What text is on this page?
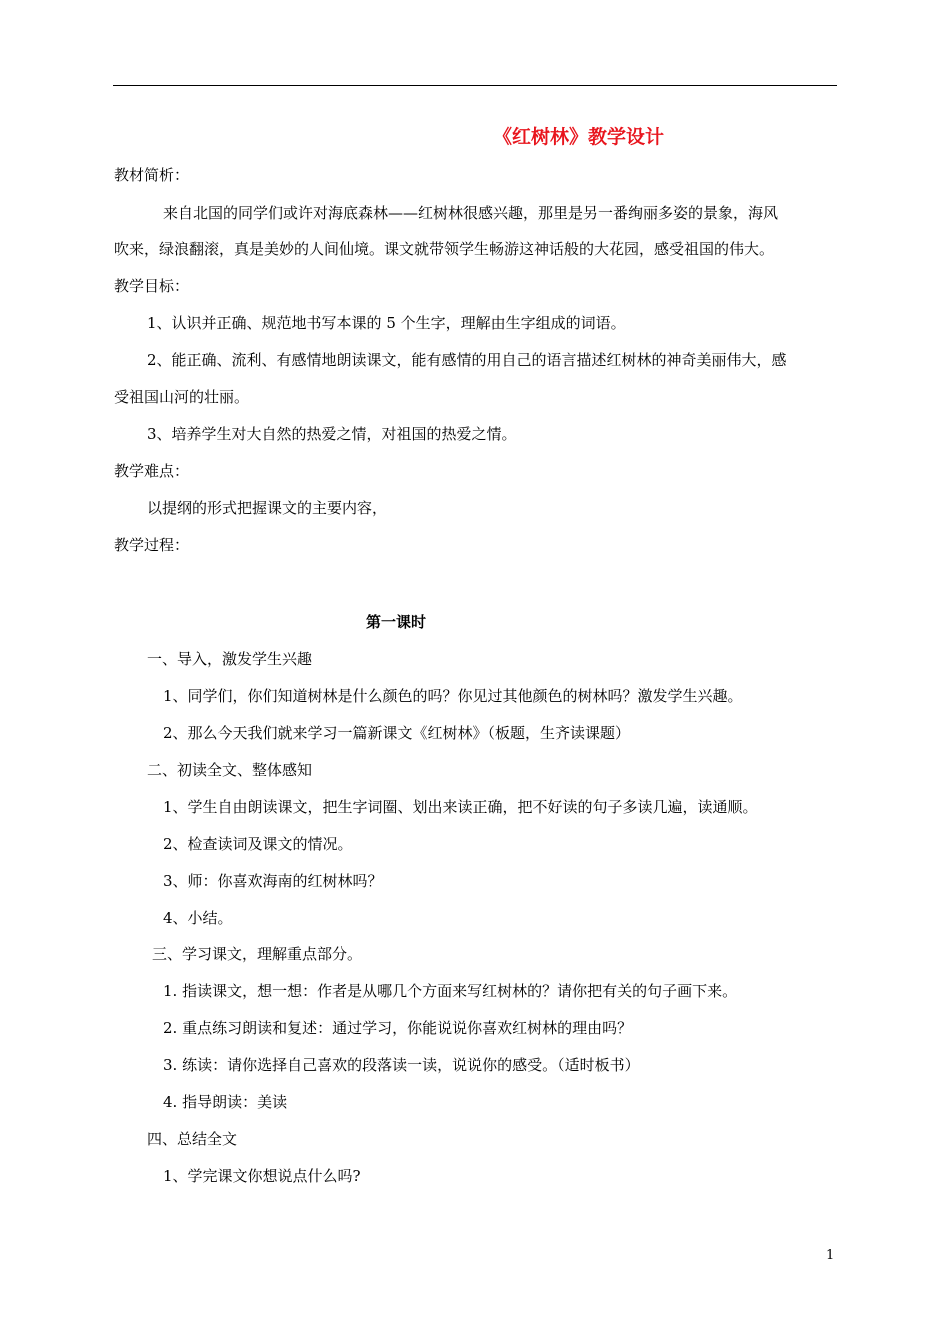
《红树林》教学设计
教材简析：
来自北国的同学们或许对海底森林——红树林很感兴趣，那里是另一番绚丽多姿的景象，海风
吹来，绿浪翻滚，真是美妙的人间仙境。课文就带领学生畅游这神话般的大花园，感受祖国的伟大。
教学目标：
1、认识并正确、规范地书写本课的 5 个生字，理解由生字组成的词语。
2、能正确、流利、有感情地朗读课文，能有感情的用自己的语言描述红树林的神奇美丽伟大，感
受祖国山河的壮丽。
3、培养学生对大自然的热爱之情，对祖国的热爱之情。
教学难点：
以提纲的形式把握课文的主要内容，
教学过程：
第一课时
一、导入，激发学生兴趣
1、同学们，你们知道树林是什么颜色的吗？你见过其他颜色的树林吗？激发学生兴趣。
2、那么今天我们就来学习一篇新课文《红树林》（板题，生齐读课题）
二、初读全文、整体感知
1、学生自由朗读课文，把生字词圈、划出来读正确，把不好读的句子多读几遍，读通顺。
2、检查读词及课文的情况。
3、师：你喜欢海南的红树林吗？
4、小结。
三、学习课文，理解重点部分。
1. 指读课文，想一想：作者是从哪几个方面来写红树林的？请你把有关的句子画下来。
2. 重点练习朗读和复述：通过学习，你能说说你喜欢红树林的理由吗？
3. 练读：请你选择自己喜欢的段落读一读，说说你的感受。（适时板书）
4. 指导朗读：美读
四、总结全文
1、学完课文你想说点什么吗?
1
